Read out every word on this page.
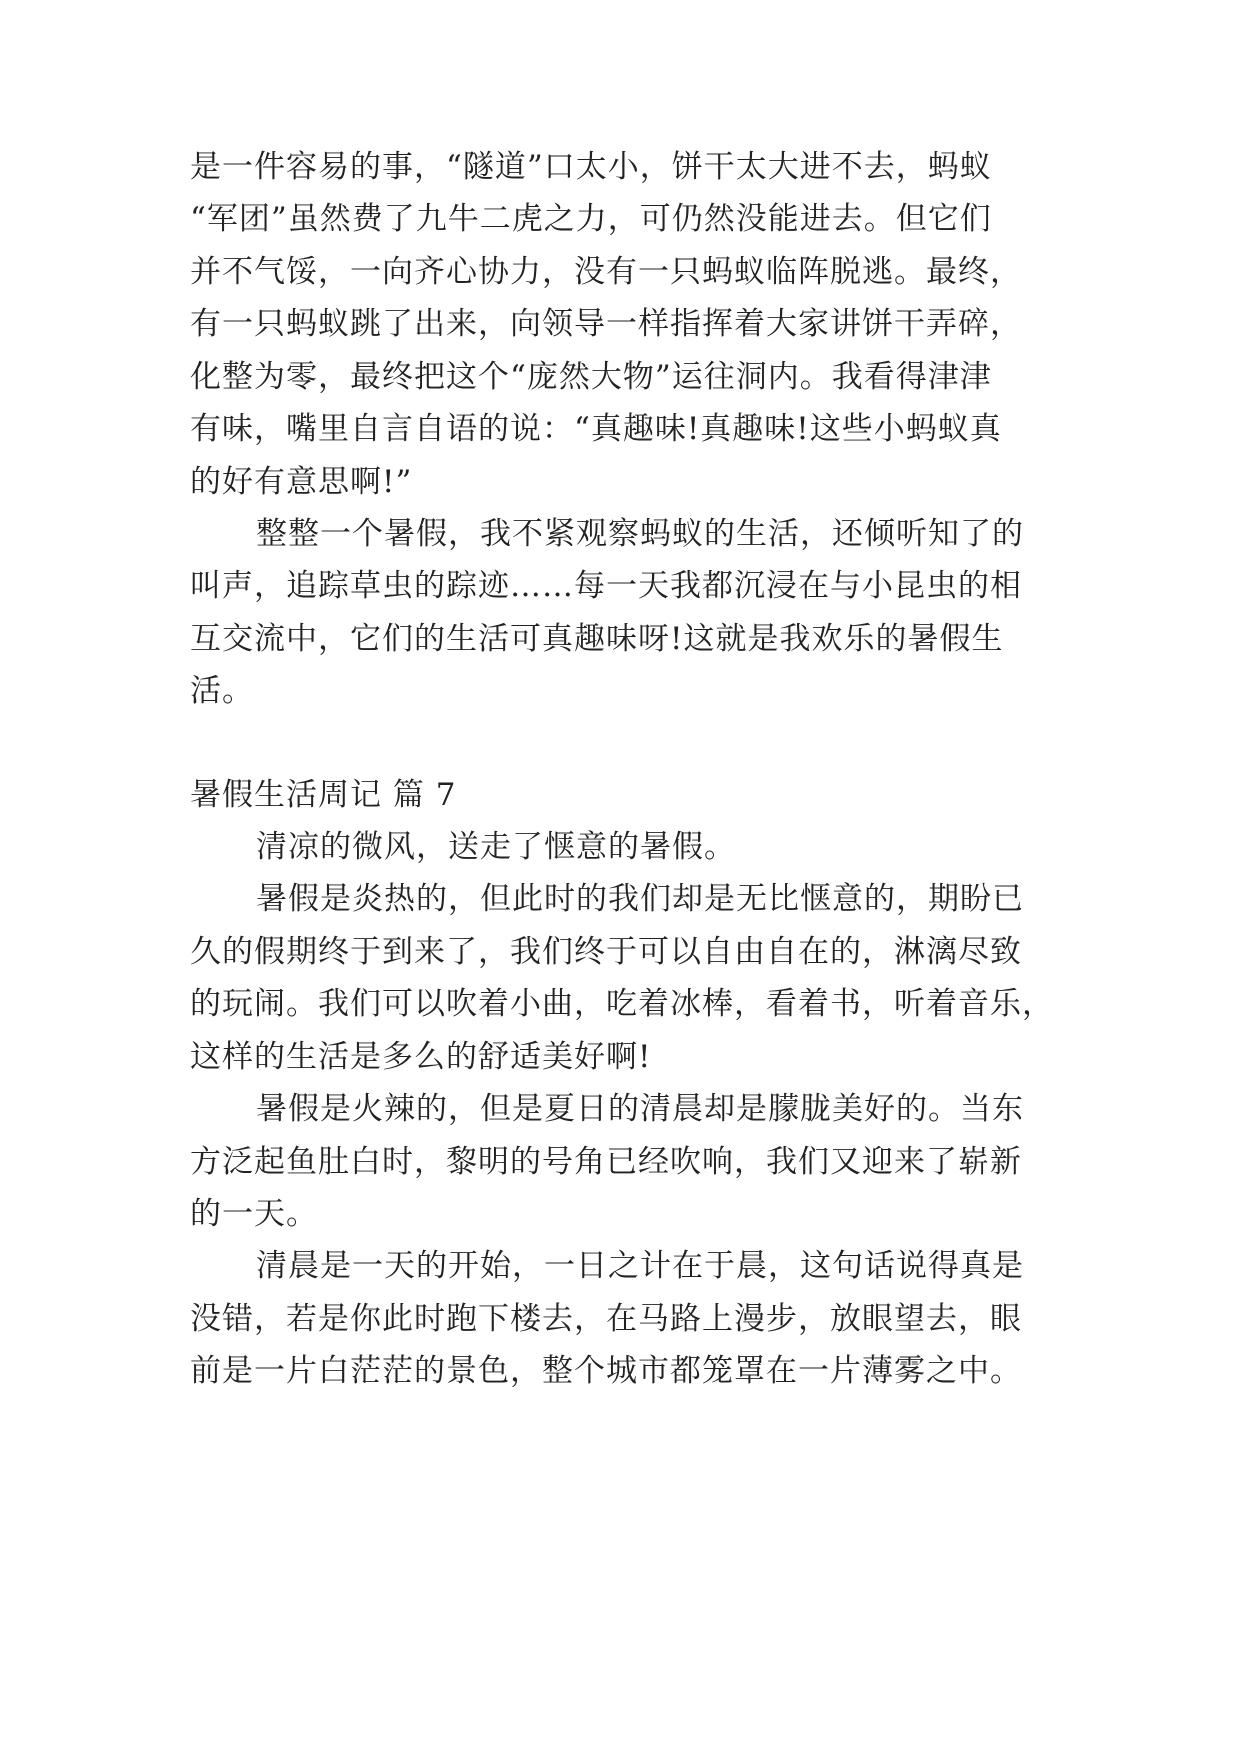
是一件容易的事，“隧道”口太小，饼干太大进不去，蚂蚁
“军团”虽然费了九牛二虎之力，可仍然没能进去。但它们
并不气馁，一向齐心协力，没有一只蚂蚁临阵脱逃。最终，
有一只蚂蚁跳了出来，向领导一样指挥着大家讲饼干弄碎，
化整为零，最终把这个“庞然大物”运往洞内。我看得津津
有味，嘴里自言自语的说：“真趣味!真趣味!这些小蚂蚁真
的好有意思啊!”
整整一个暑假，我不紧观察蚂蚁的生活，还倾听知了的
叫声，追踪草虫的踪迹……每一天我都沉浸在与小昆虫的相
互交流中，它们的生活可真趣味呀!这就是我欢乐的暑假生
活。
暑假生活周记 篇 7
清凉的微风，送走了惬意的暑假。
暑假是炎热的，但此时的我们却是无比惬意的，期盼已
久的假期终于到来了，我们终于可以自由自在的，淋漓尽致
的玩闹。我们可以吹着小曲，吃着冰棒，看着书，听着音乐，
这样的生活是多么的舒适美好啊!
暑假是火辣的，但是夏日的清晨却是朦胧美好的。当东
方泛起鱼肚白时，黎明的号角已经吹响，我们又迎来了崭新
的一天。
清晨是一天的开始，一日之计在于晨，这句话说得真是
没错，若是你此时跑下楼去，在马路上漫步，放眼望去，眼
前是一片白茫茫的景色，整个城市都笼罩在一片薄雾之中。
